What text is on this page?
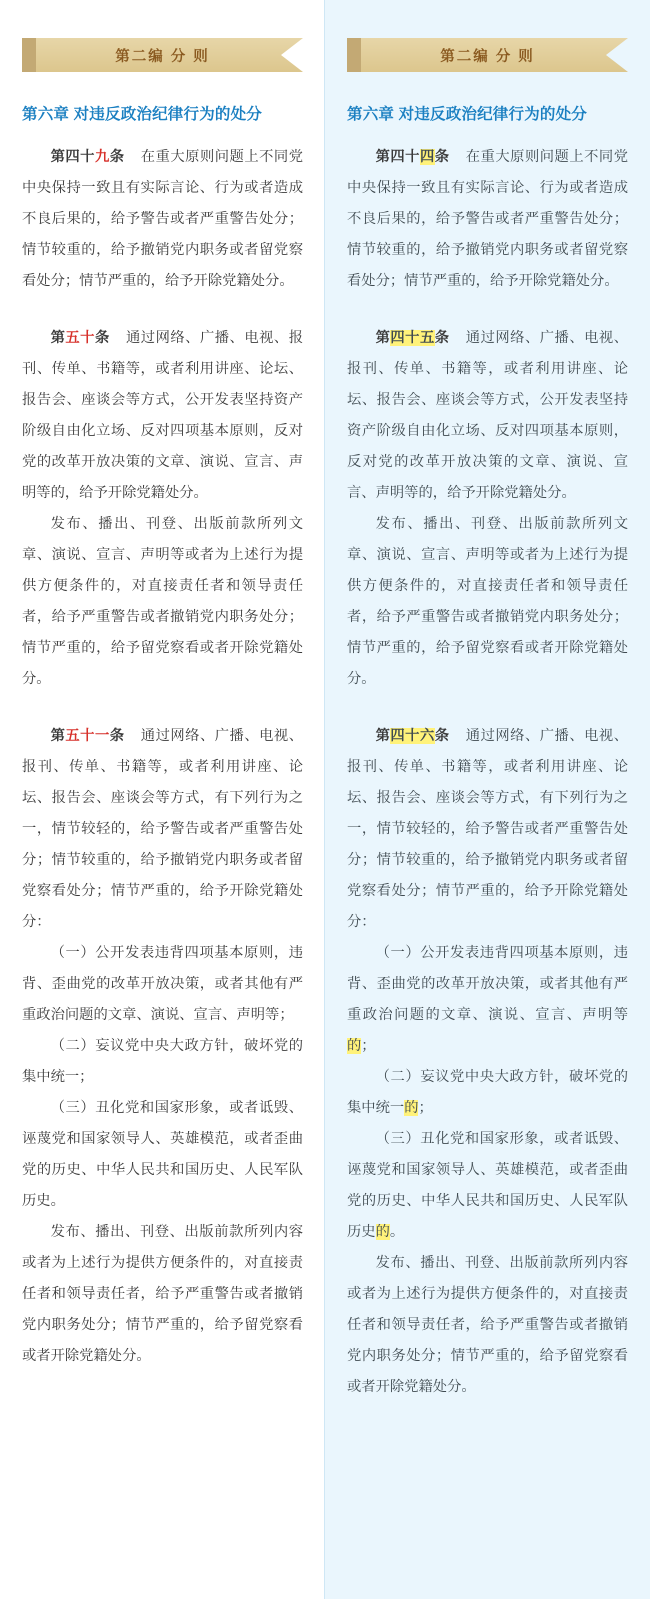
第二编 分 则
第六章 对违反政治纪律行为的处分

第四十九条 在重大原则问题上不同党中央保持一致且有实际言论、行为或者造成不良后果的，给予警告或者严重警告处分；情节较重的，给予撤销党内职务或者留党察看处分；情节严重的，给予开除党籍处分。

第五十条 通过网络、广播、电视、报刊、传单、书籍等，或者利用讲座、论坛、报告会、座谈会等方式，公开发表坚持资产阶级自由化立场、反对四项基本原则，反对党的改革开放决策的文章、演说、宣言、声明等的，给予开除党籍处分。

发布、播出、刊登、出版前款所列文章、演说、宣言、声明等或者为上述行为提供方便条件的，对直接责任者和领导责任者，给予严重警告或者撤销党内职务处分；情节严重的，给予留党察看或者开除党籍处分。

第五十一条 通过网络、广播、电视、报刊、传单、书籍等，或者利用讲座、论坛、报告会、座谈会等方式，有下列行为之一，情节较轻的，给予警告或者严重警告处分；情节较重的，给予撤销党内职务或者留党察看处分；情节严重的，给予开除党籍处分：

（一）公开发表违背四项基本原则，违背、歪曲党的改革开放决策，或者其他有严重政治问题的文章、演说、宣言、声明等；

（二）妄议党中央大政方针，破坏党的集中统一；

（三）丑化党和国家形象，或者诋毁、诬蔑党和国家领导人、英雄模范，或者歪曲党的历史、中华人民共和国历史、人民军队历史。

发布、播出、刊登、出版前款所列内容或者为上述行为提供方便条件的，对直接责任者和领导责任者，给予严重警告或者撤销党内职务处分；情节严重的，给予留党察看或者开除党籍处分。

第二编 分 则
第六章 对违反政治纪律行为的处分

第四十四条 在重大原则问题上不同党中央保持一致且有实际言论、行为或者造成不良后果的，给予警告或者严重警告处分；情节较重的，给予撤销党内职务或者留党察看处分；情节严重的，给予开除党籍处分。

第四十五条 通过网络、广播、电视、报刊、传单、书籍等，或者利用讲座、论坛、报告会、座谈会等方式，公开发表坚持资产阶级自由化立场、反对四项基本原则，反对党的改革开放决策的文章、演说、宣言、声明等的，给予开除党籍处分。

发布、播出、刊登、出版前款所列文章、演说、宣言、声明等或者为上述行为提供方便条件的，对直接责任者和领导责任者，给予严重警告或者撤销党内职务处分；情节严重的，给予留党察看或者开除党籍处分。

第四十六条 通过网络、广播、电视、报刊、传单、书籍等，或者利用讲座、论坛、报告会、座谈会等方式，有下列行为之一，情节较轻的，给予警告或者严重警告处分；情节较重的，给予撤销党内职务或者留党察看处分；情节严重的，给予开除党籍处分：

（一）公开发表违背四项基本原则，违背、歪曲党的改革开放决策，或者其他有严重政治问题的文章、演说、宣言、声明等的；

（二）妄议党中央大政方针，破坏党的集中统一的；

（三）丑化党和国家形象，或者诋毁、诬蔑党和国家领导人、英雄模范，或者歪曲党的历史、中华人民共和国历史、人民军队历史的。

发布、播出、刊登、出版前款所列内容或者为上述行为提供方便条件的，对直接责任者和领导责任者，给予严重警告或者撤销党内职务处分；情节严重的，给予留党察看或者开除党籍处分。
